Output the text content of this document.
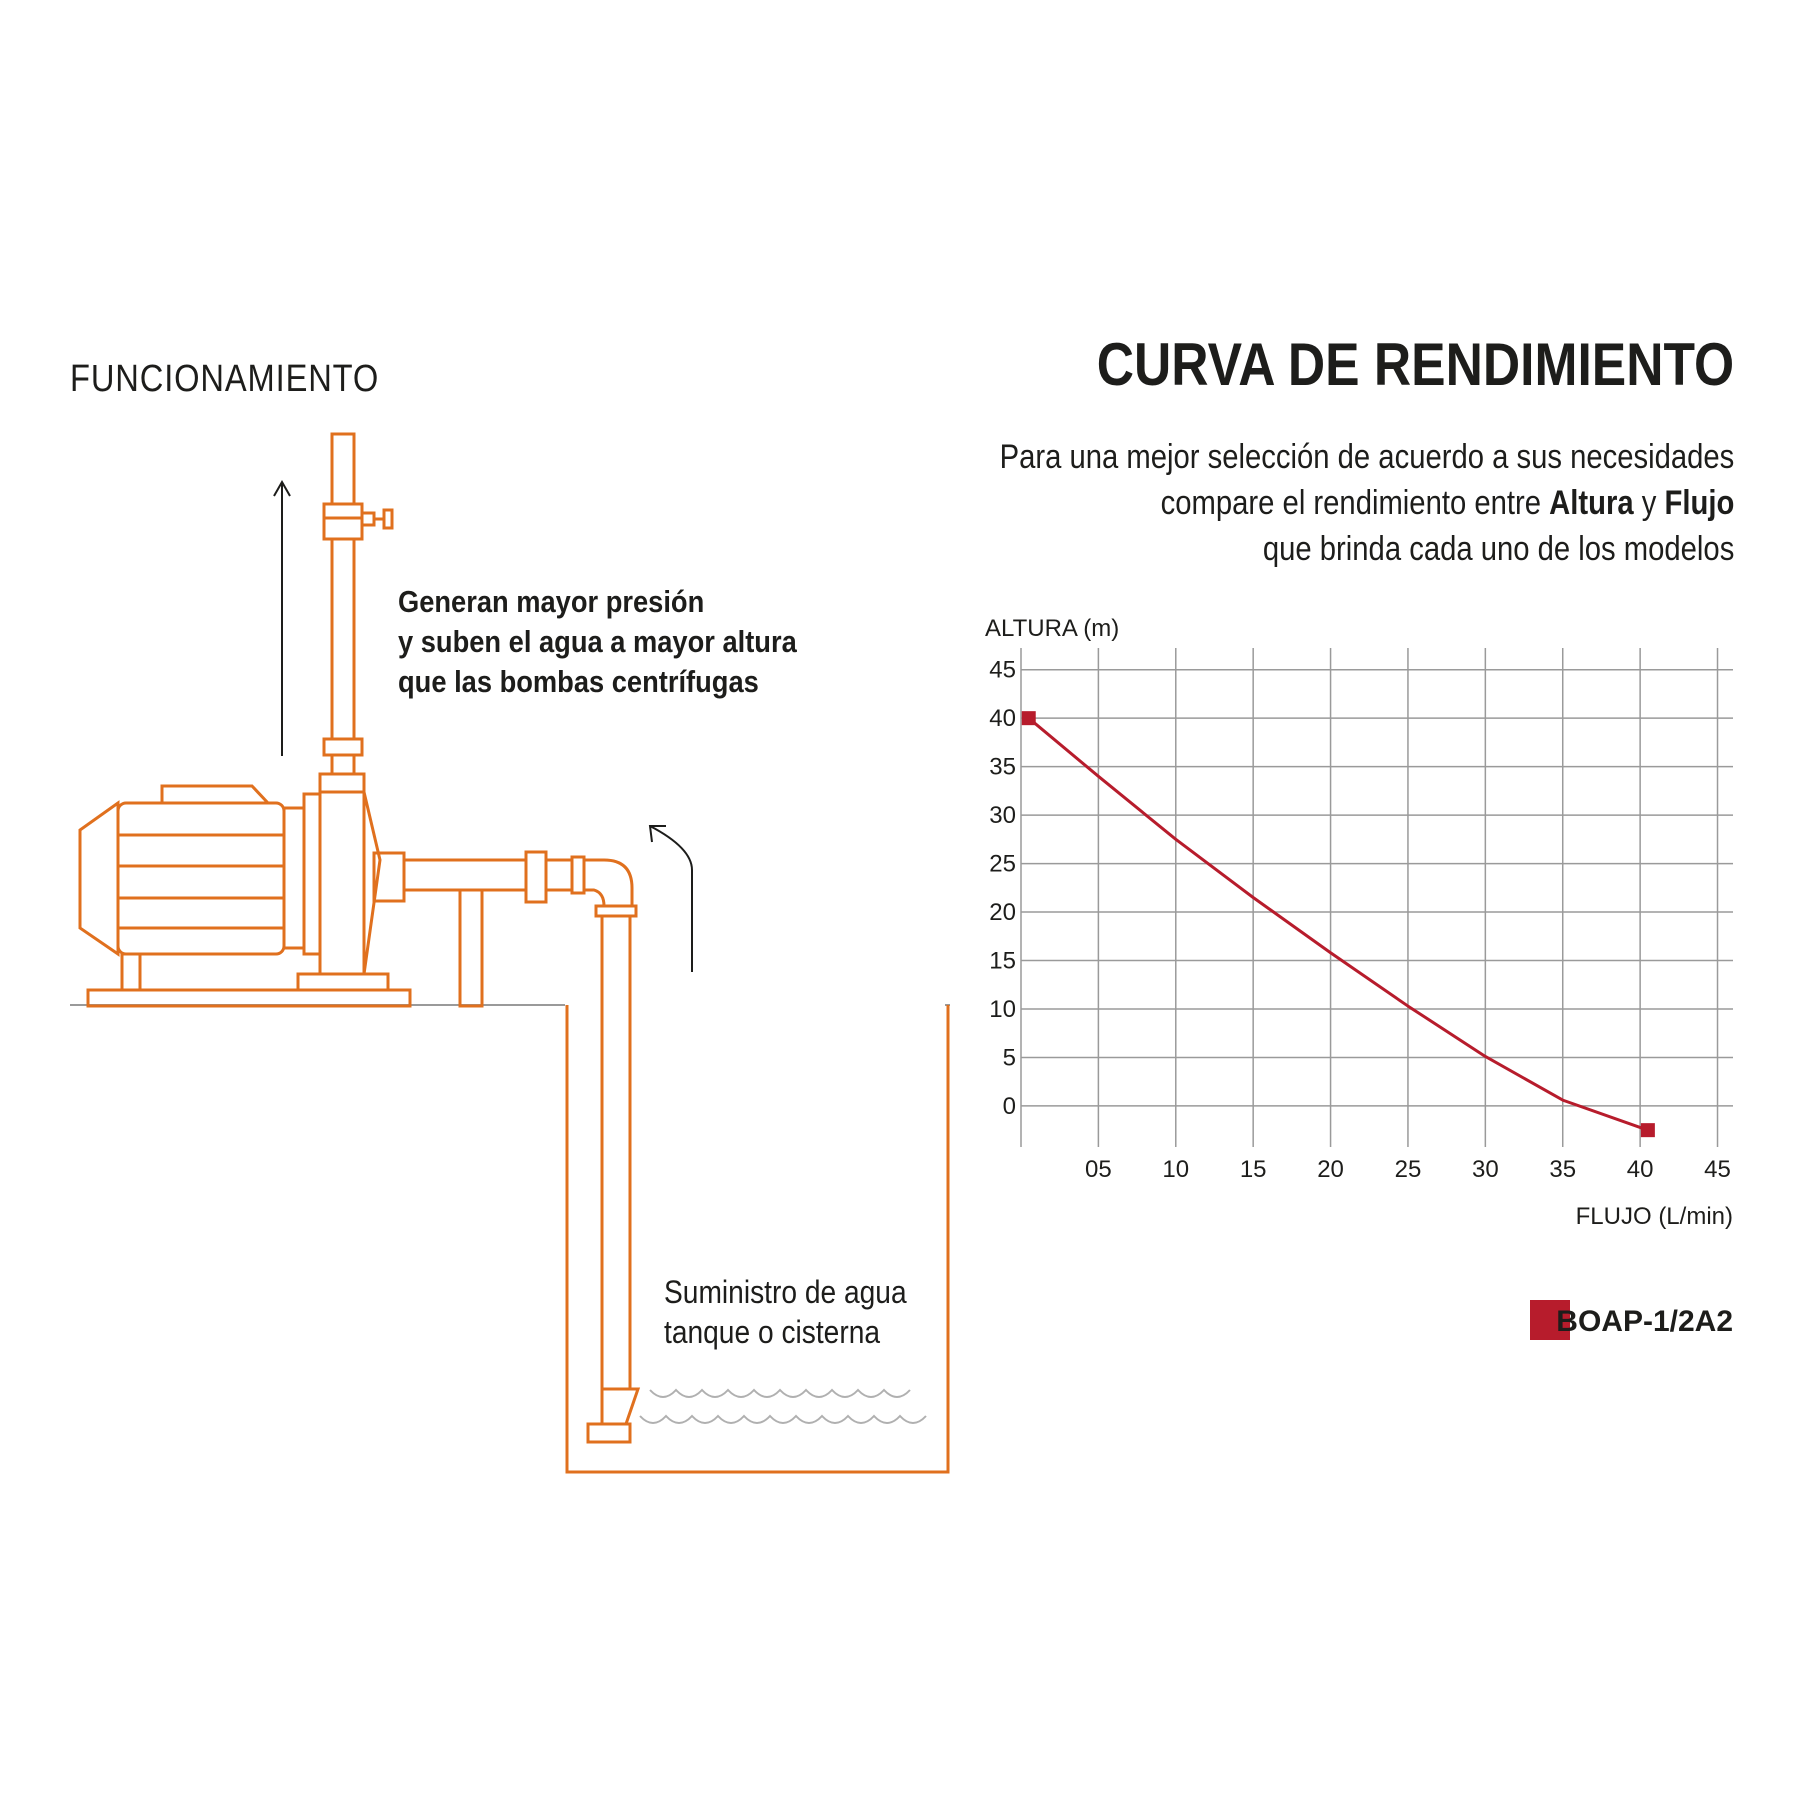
FUNCIONAMIENTO
Generan mayor presión
y suben el agua a mayor altura
que las bombas centrífugas
Suministro de agua
tanque o cisterna
CURVA DE RENDIMIENTO
Para una mejor selección de acuerdo a sus necesidades
compare el rendimiento entre Altura y Flujo
que brinda cada uno de los modelos
ALTURA (m)
FLUJO (L/min)
0
5
10
15
20
25
30
35
40
45
05 10 15 20 25 30 35 40 45
BOAP-1/2A2
